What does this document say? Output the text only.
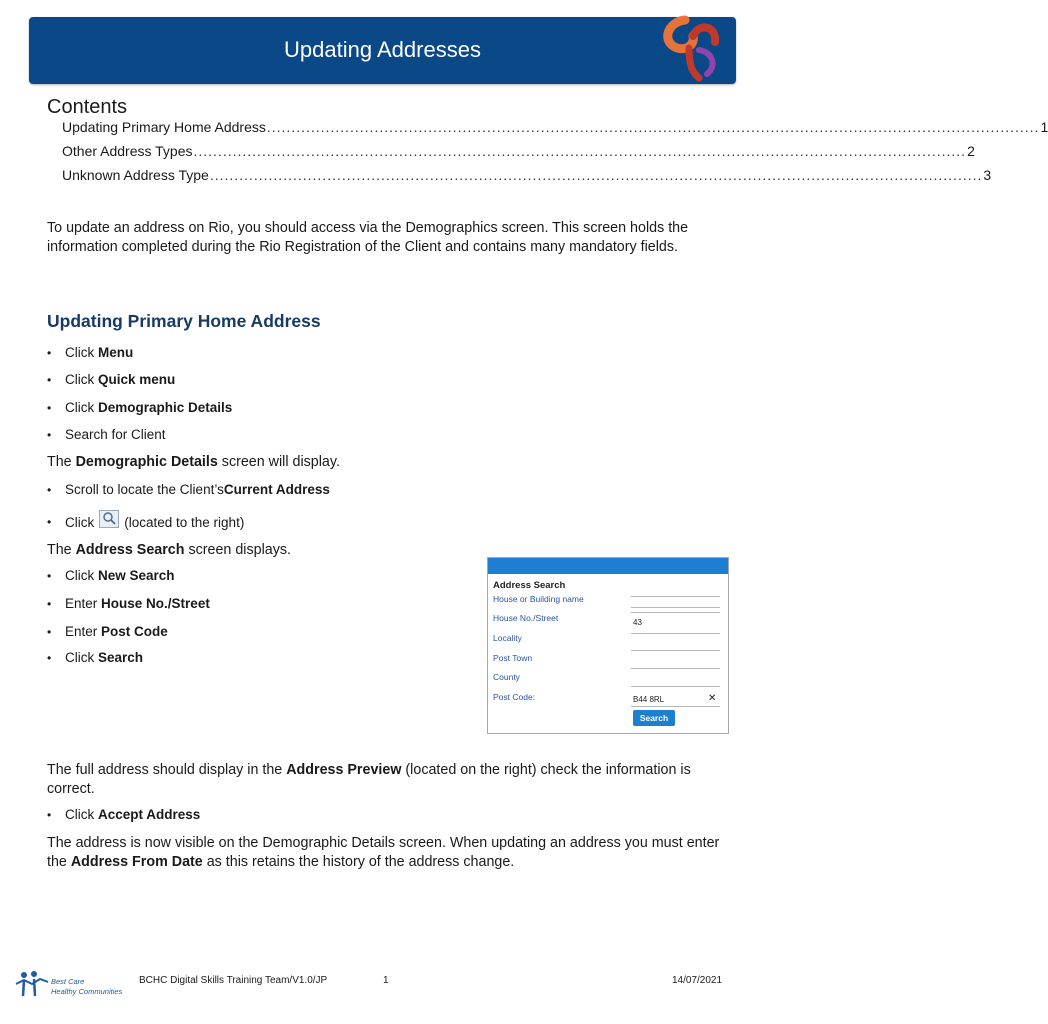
Updating Addresses
Contents
Updating Primary Home Address .............................................................................................................................................................. 1
Other Address Types .............................................................................................................................................................. 2
Unknown Address Type .............................................................................................................................................................. 3
To update an address on Rio, you should access via the Demographics screen. This screen holds the information completed during the Rio Registration of the Client and contains many mandatory fields.
Updating Primary Home Address
•	Click
Menu
•	Click
Quick menu
•	Click
Demographic Details
•	Search for Client
The Demographic Details screen will display.
•	Scroll to locate the Client’s Current Address
•	Click (located to the right)
The Address Search screen displays.
•	Click
New Search
•	Enter
House No./Street
•	Enter
Post Code
•	Click
Search
Address Search
House or Building name
House No./Street	43
Locality
Post Town
County
Post Code:	B44 8RL	✕
Search
The full address should display in the Address Preview (located on the right) check the information is correct.
•	Click
Accept Address
The address is now visible on the Demographic Details screen. When updating an address you must enter the Address From Date as this retains the history of the address change.
Best Care
Healthy Communities
BCHC Digital Skills Training Team/V1.0/JP	1	14/07/2021
